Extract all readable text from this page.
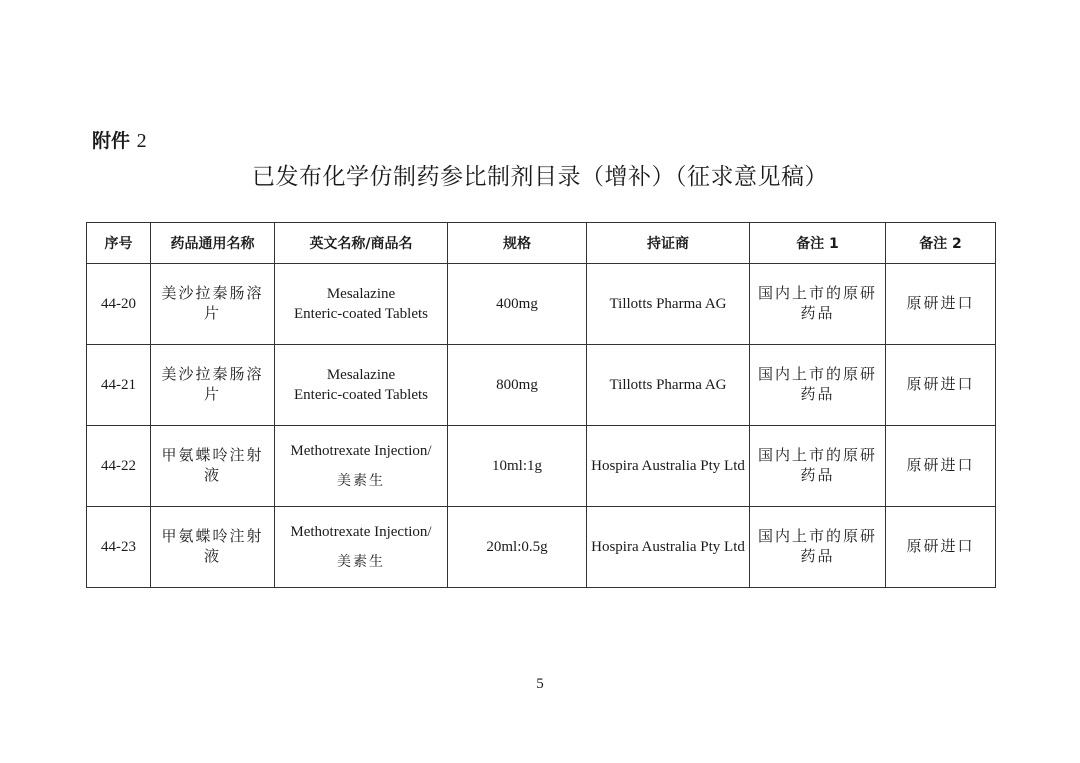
附件 2
已发布化学仿制药参比制剂目录（增补）（征求意见稿）
序号	药品通用名称	英文名称/商品名	规格	持证商	备注 1	备注 2
44-20	美沙拉秦肠溶片	Mesalazine
Enteric-coated Tablets	400mg	Tillotts Pharma AG	国内上市的原研药品	原研进口
44-21	美沙拉秦肠溶片	Mesalazine
Enteric-coated Tablets	800mg	Tillotts Pharma AG	国内上市的原研药品	原研进口
44-22	甲氨蝶呤注射液	Methotrexate Injection/
美素生	10ml:1g	Hospira Australia Pty Ltd	国内上市的原研药品	原研进口
44-23	甲氨蝶呤注射液	Methotrexate Injection/
美素生	20ml:0.5g	Hospira Australia Pty Ltd	国内上市的原研药品	原研进口
5
